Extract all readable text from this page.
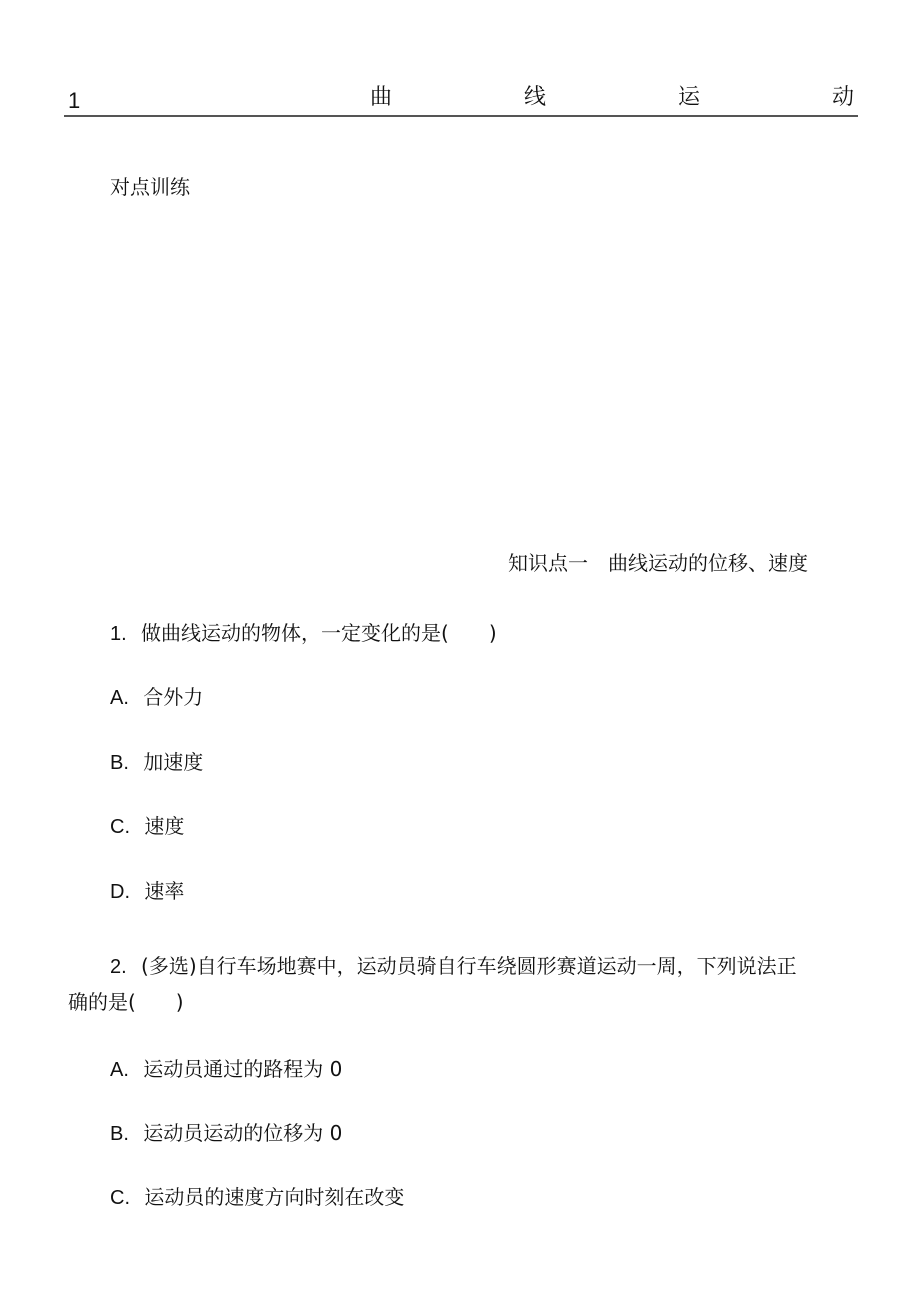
1	曲	线	运	动
对点训练
知识点一　曲线运动的位移、速度
1. 做曲线运动的物体，一定变化的是(　　)
A. 合外力
B. 加速度
C. 速度
D. 速率
2. (多选)自行车场地赛中，运动员骑自行车绕圆形赛道运动一周，下列说法正
确的是(　　)
A. 运动员通过的路程为 0
B. 运动员运动的位移为 0
C. 运动员的速度方向时刻在改变
